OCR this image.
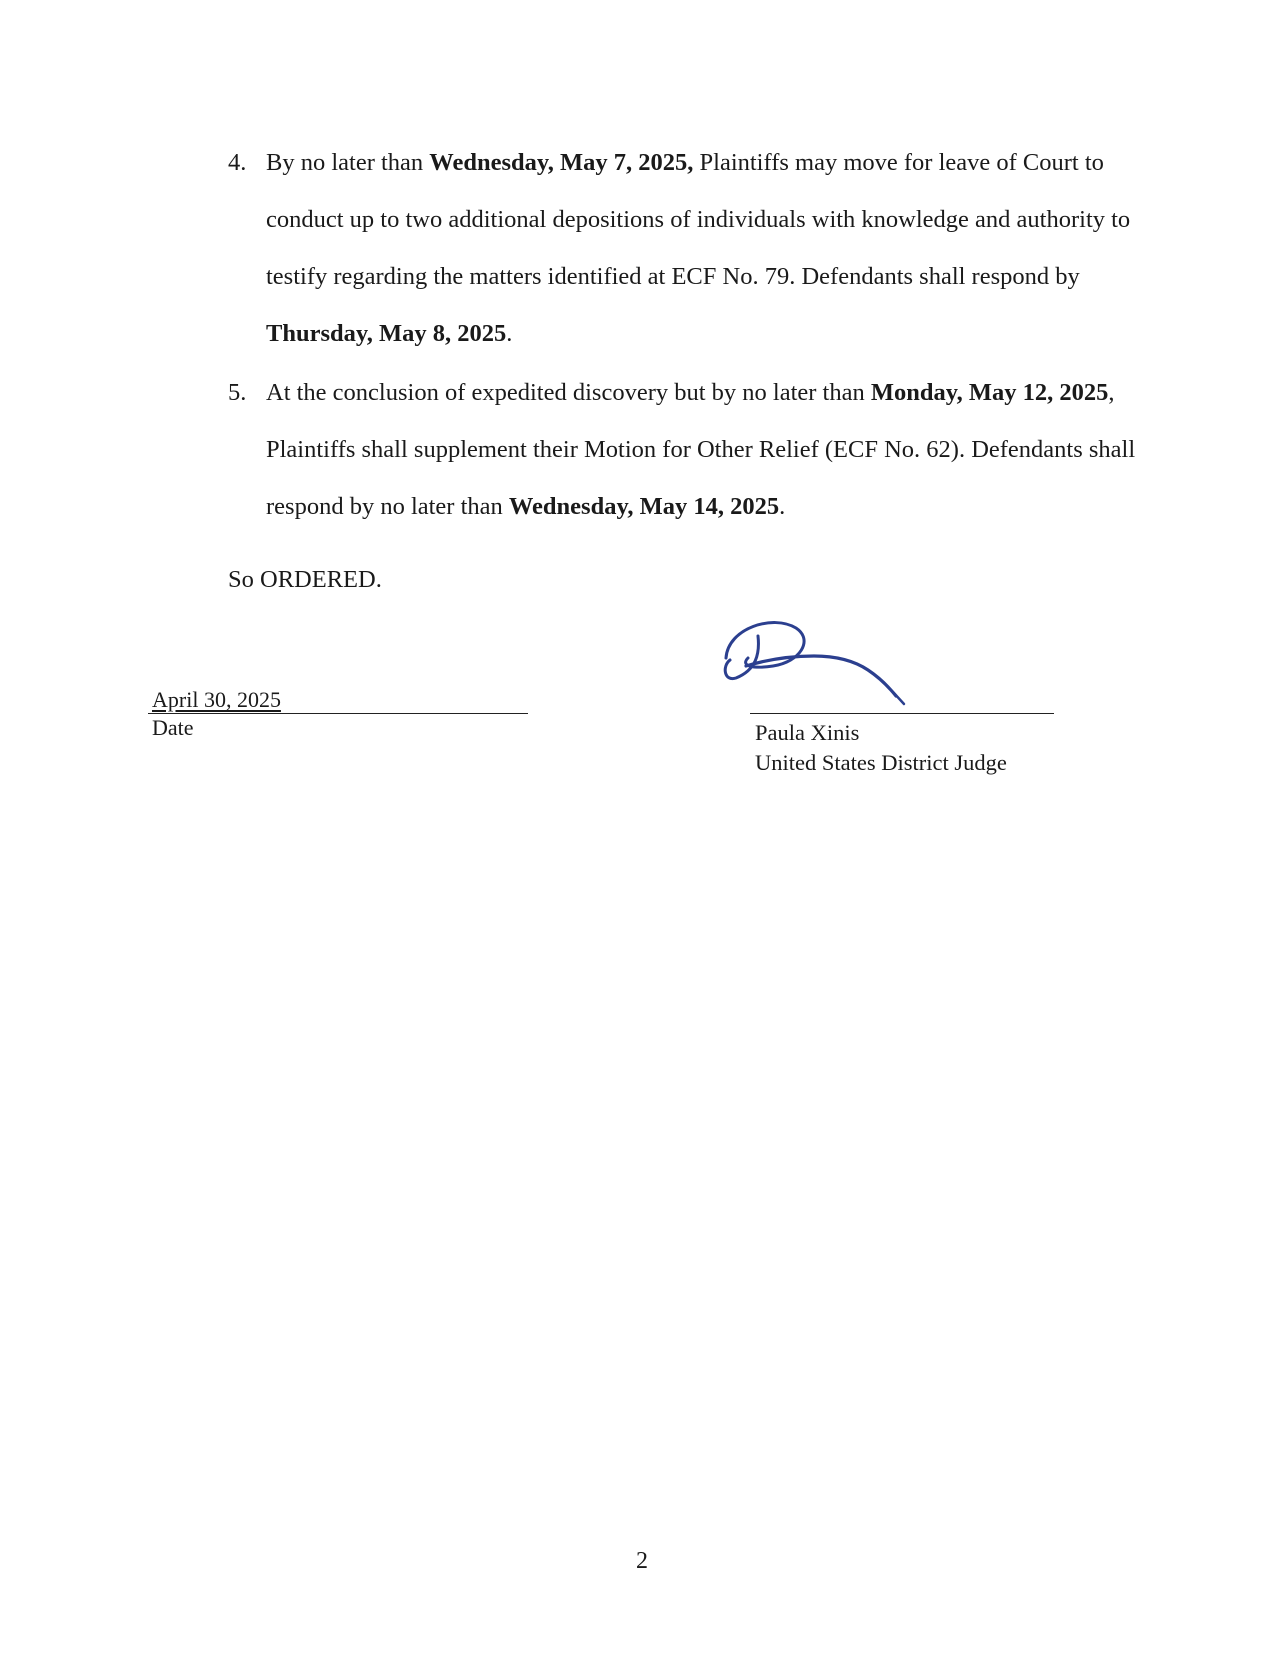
4. By no later than Wednesday, May 7, 2025, Plaintiffs may move for leave of Court to conduct up to two additional depositions of individuals with knowledge and authority to testify regarding the matters identified at ECF No. 79. Defendants shall respond by Thursday, May 8, 2025.
5. At the conclusion of expedited discovery but by no later than Monday, May 12, 2025, Plaintiffs shall supplement their Motion for Other Relief (ECF No. 62). Defendants shall respond by no later than Wednesday, May 14, 2025.
So ORDERED.
April 30, 2025
Date	Paula Xinis
United States District Judge
2
